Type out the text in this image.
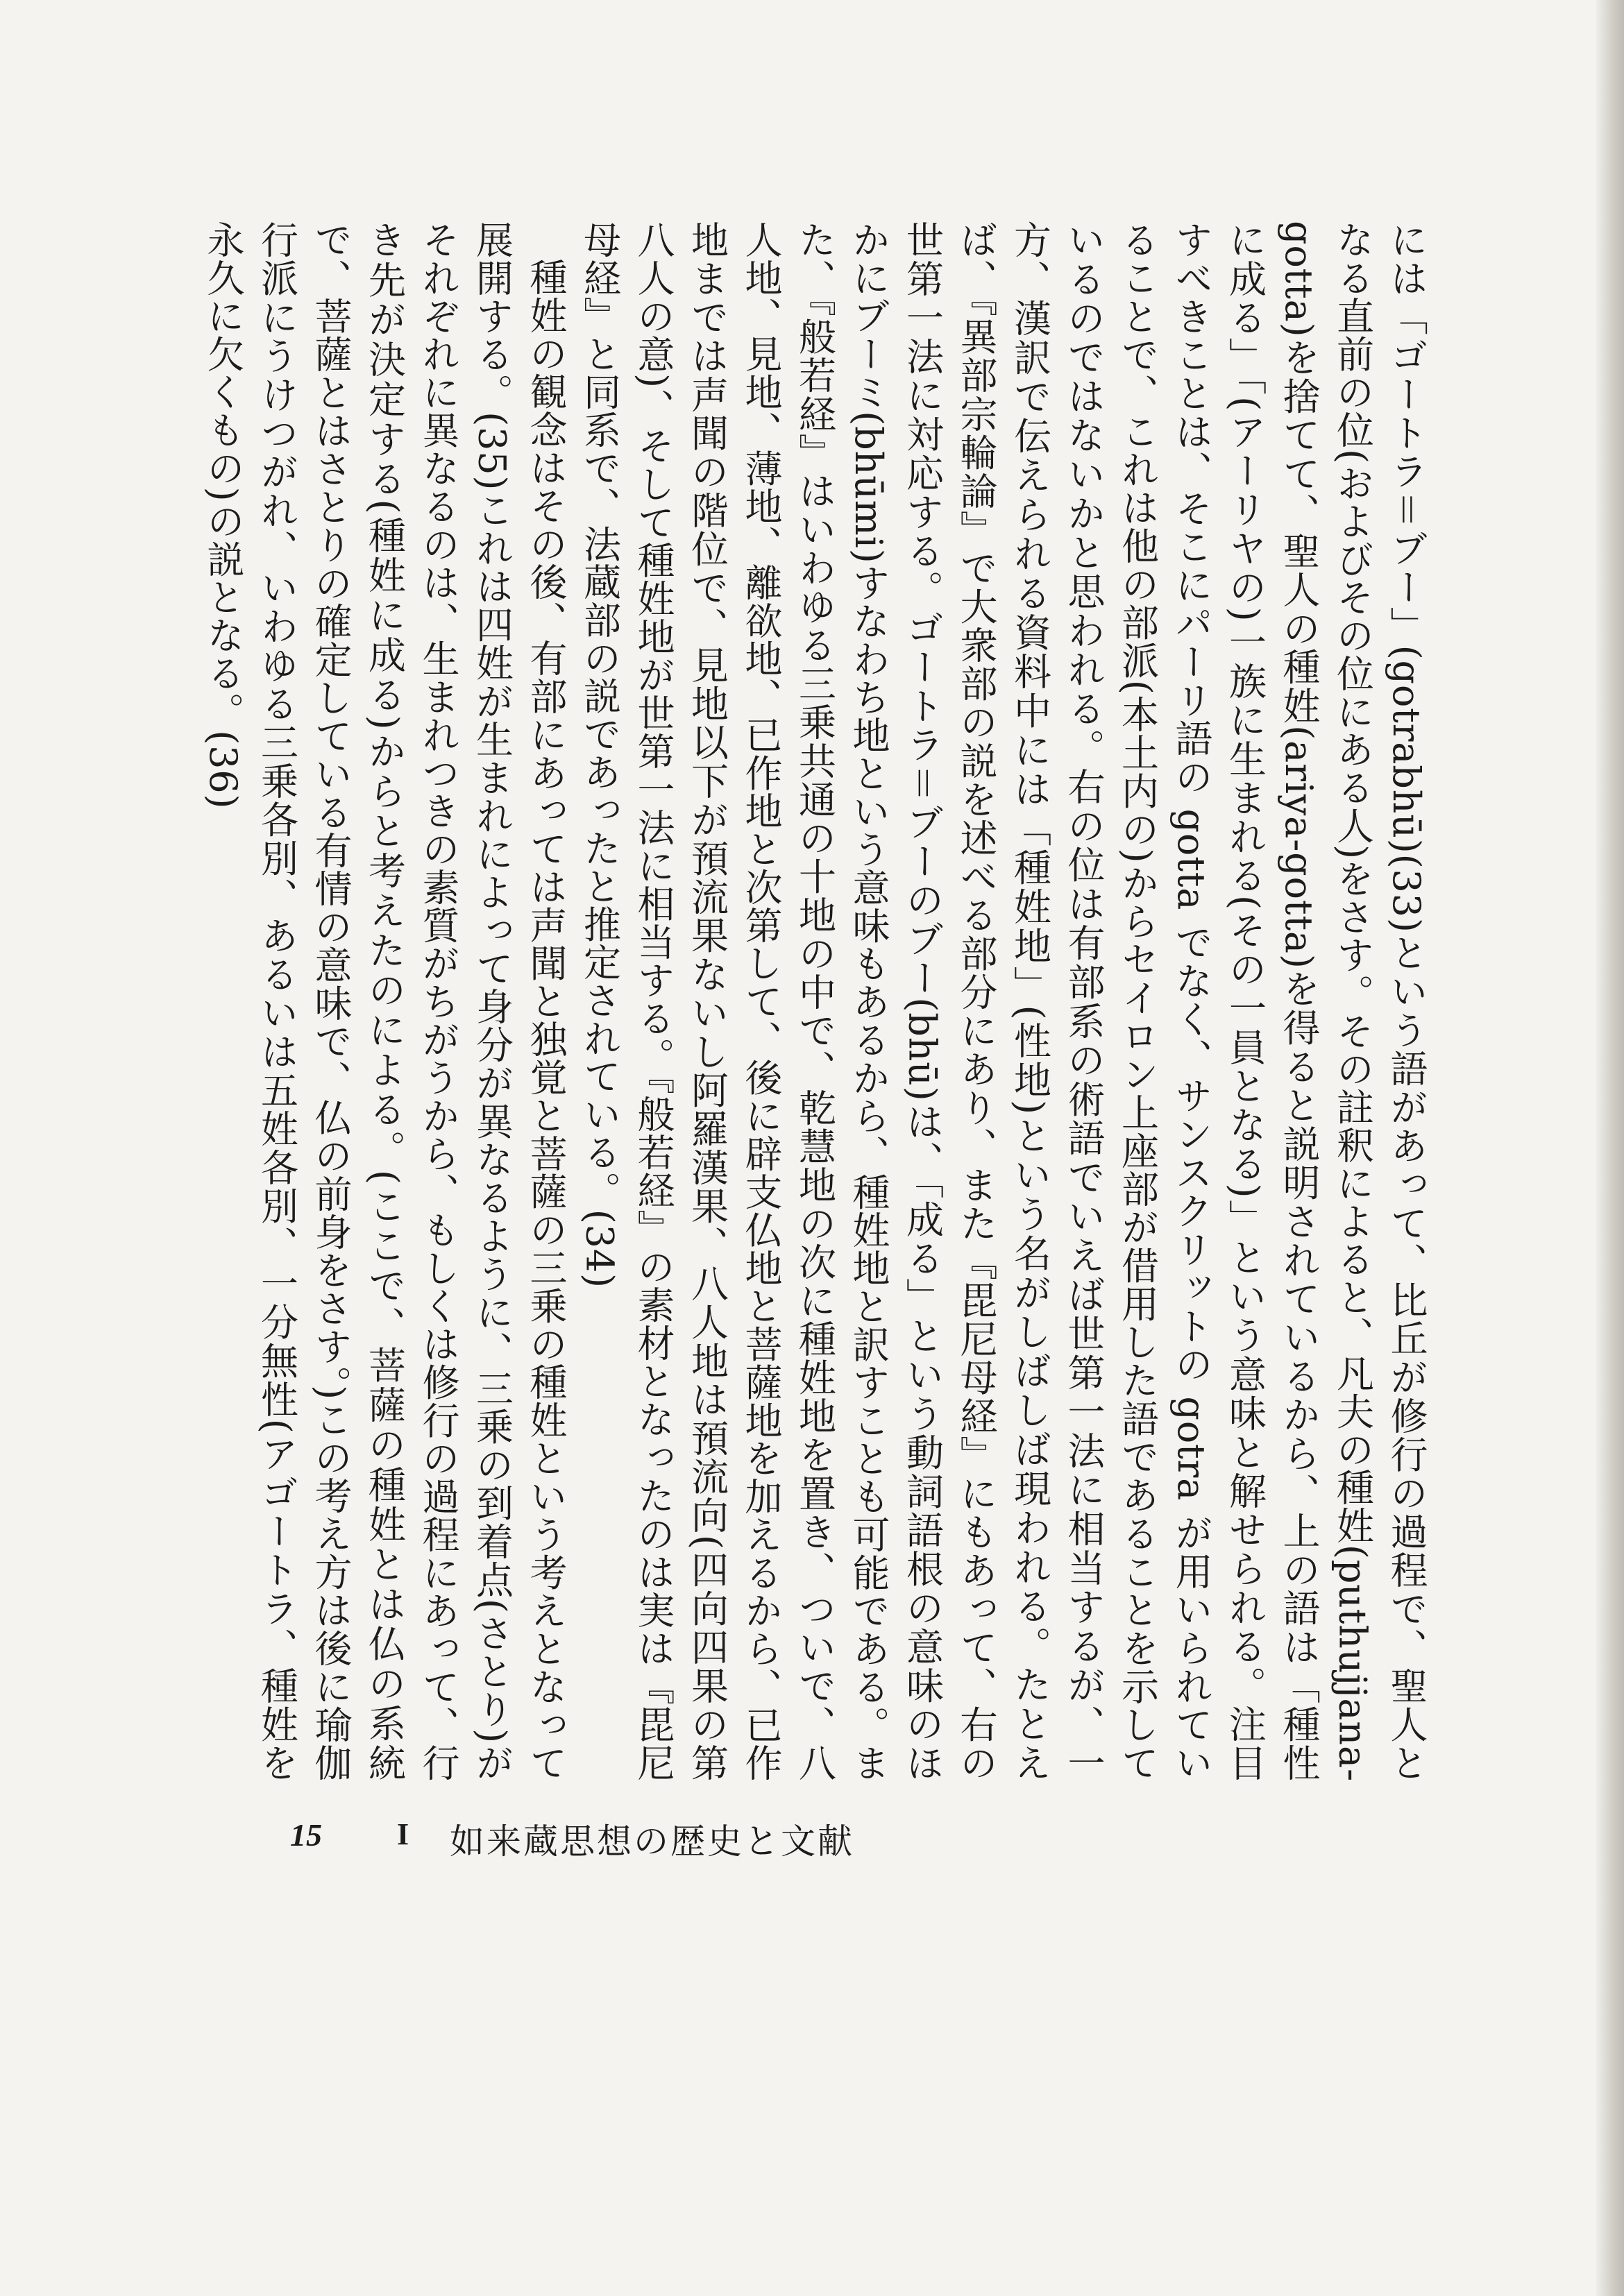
には「ゴートラ＝ブー」(gotrabhū)(33)という語があって、比丘が修行の過程で、聖人となる直前の位(およびその位にある人)をさす。その註釈によると、凡夫の種姓(puthujjana-gotta)を捨てて、聖人の種姓(ariya-gotta)を得ると説明されているから、上の語は「種性に成る」「(アーリヤの)一族に生まれる(その一員となる)」という意味と解せられる。注目すべきことは、そこにパーリ語の gotta でなく、サンスクリットの gotra が用いられていることで、これは他の部派(本土内の)からセイロン上座部が借用した語であることを示しているのではないかと思われる。右の位は有部系の術語でいえば世第一法に相当するが、一方、漢訳で伝えられる資料中には「種姓地」(性地)という名がしばしば現われる。たとえば、『異部宗輪論』で大衆部の説を述べる部分にあり、また『毘尼母経』にもあって、右の世第一法に対応する。ゴートラ＝ブーのブー(bhū)は、「成る」という動詞語根の意味のほかにブーミ(bhūmi)すなわち地という意味もあるから、種姓地と訳すことも可能である。また、『般若経』はいわゆる三乗共通の十地の中で、乾慧地の次に種姓地を置き、ついで、八人地、見地、薄地、離欲地、已作地と次第して、後に辟支仏地と菩薩地を加えるから、已作地までは声聞の階位で、見地以下が預流果ないし阿羅漢果、八人地は預流向(四向四果の第八人の意)、そして種姓地が世第一法に相当する。『般若経』の素材となったのは実は『毘尼母経』と同系で、法蔵部の説であったと推定されている。(34)

種姓の観念はその後、有部にあっては声聞と独覚と菩薩の三乗の種姓という考えとなって展開する。(35)これは四姓が生まれによって身分が異なるように、三乗の到着点(さとり)がそれぞれに異なるのは、生まれつきの素質がちがうから、もしくは修行の過程にあって、行き先が決定する(種姓に成る)からと考えたのによる。(ここで、菩薩の種姓とは仏の系統で、菩薩とはさとりの確定している有情の意味で、仏の前身をさす。)この考え方は後に瑜伽行派にうけつがれ、いわゆる三乗各別、あるいは五姓各別、一分無性(アゴートラ、種姓を永久に欠くもの)の説となる。(36)

15 I 如来蔵思想の歴史と文献
